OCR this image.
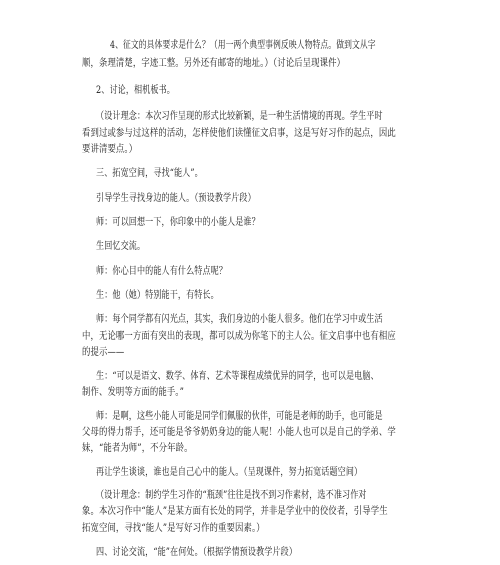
4、征文的具体要求是什么？（用一两个典型事例反映人物特点。做到文从字
顺，条理清楚，字迹工整。另外还有邮寄的地址。）（讨论后呈现课件）
2、讨论，相机板书。
（设计理念：本次习作呈现的形式比较新颖，是一种生活情境的再现。学生平时
看到过或参与过这样的活动，怎样使他们读懂征文启事，这是写好习作的起点，因此
要讲清要点。）
三、拓宽空间，寻找“能人”。
引导学生寻找身边的能人。（预设教学片段）
师：可以回想一下，你印象中的小能人是谁？
生回忆交流。
师：你心目中的能人有什么特点呢？
生：他（她）特别能干，有特长。
师：每个同学都有闪光点，其实，我们身边的小能人很多。他们在学习中或生活
中，无论哪一方面有突出的表现，都可以成为你笔下的主人公。征文启事中也有相应
的提示——
生：“可以是语文、数学、体育、艺术等课程成绩优异的同学，也可以是电脑、
制作、发明等方面的能手。”
师：是啊，这些小能人可能是同学们佩服的伙伴，可能是老师的助手，也可能是
父母的得力帮手，还可能是爷爷奶奶身边的能人呢！小能人也可以是自己的学弟、学
妹，“能者为师”，不分年龄。
再让学生谈谈，谁也是自己心中的能人。（呈现课件，努力拓宽话题空间）
（设计理念：制约学生习作的“瓶颈”往往是找不到习作素材，选不准习作对
象。本次习作中“能人”是某方面有长处的同学，并非是学业中的佼佼者，引导学生
拓宽空间，寻找“能人”是写好习作的重要因素。）
四、讨论交流，“能”在何处。（根据学情预设教学片段）
